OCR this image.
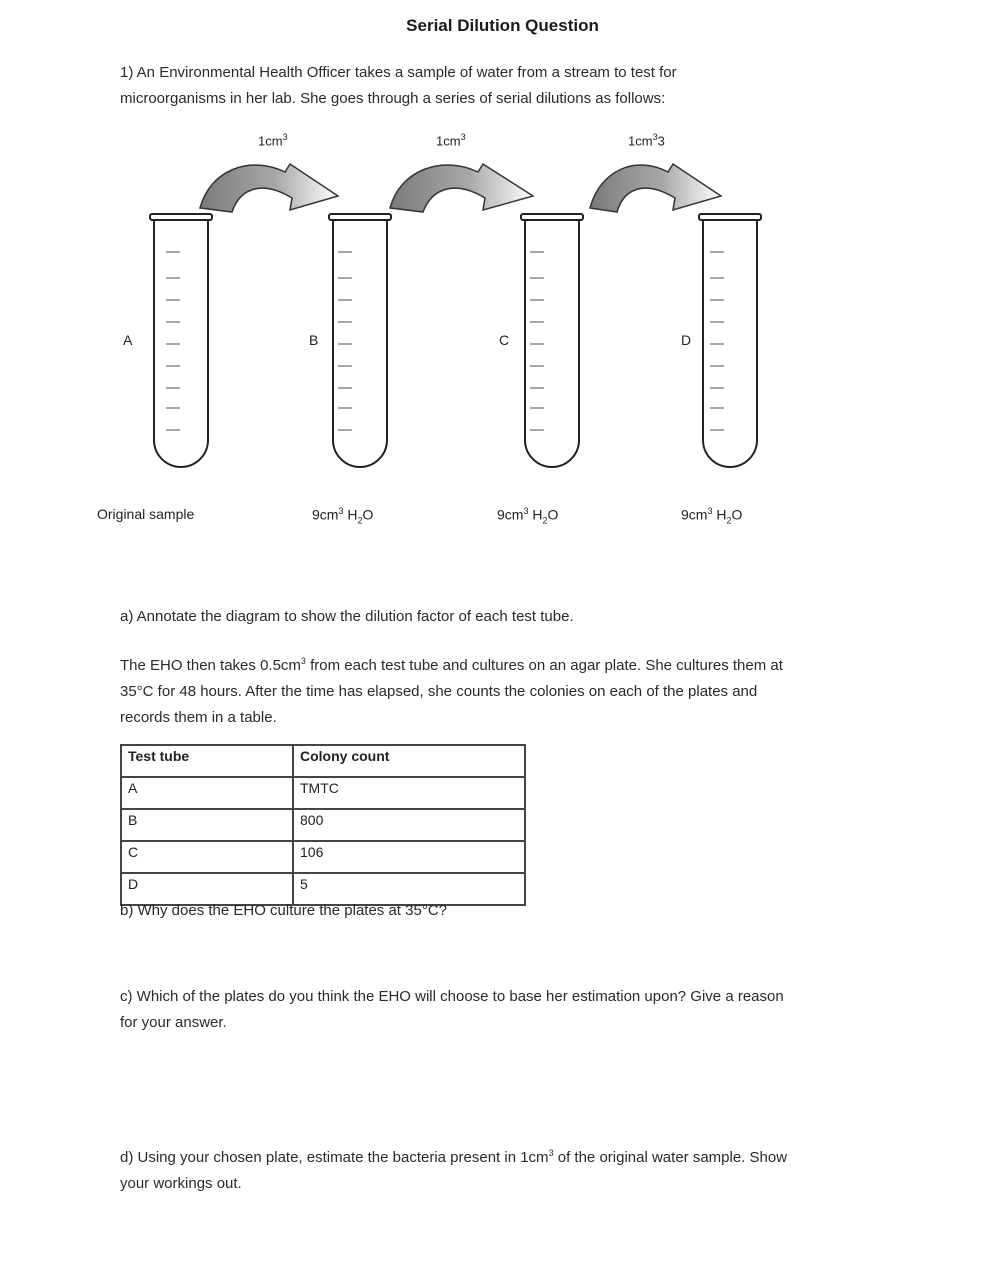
Serial Dilution Question
1) An Environmental Health Officer takes a sample of water from a stream to test for
microorganisms in her lab. She goes through a series of serial dilutions as follows:
$1cm^3$	$1cm^3$	$1cm^33$
A	B	C	D
Original sample	$9cm^3$ $H_2O$	$9cm^3$ $H_2O$	$9cm^3$ $H_2O$
a) Annotate the diagram to show the dilution factor of each test tube.
The EHO then takes $0.5cm^3$ from each test tube and cultures on an agar plate. She cultures them at
35°C for 48 hours. After the time has elapsed, she counts the colonies on each of the plates and
records them in a table.
Test tube	Colony count
A	TMTC
B	800
C	106
D	5
b) Why does the EHO culture the plates at 35°C?
c) Which of the plates do you think the EHO will choose to base her estimation upon? Give a reason
for your answer.
d) Using your chosen plate, estimate the bacteria present in $1cm^3$ of the original water sample. Show
your workings out.
